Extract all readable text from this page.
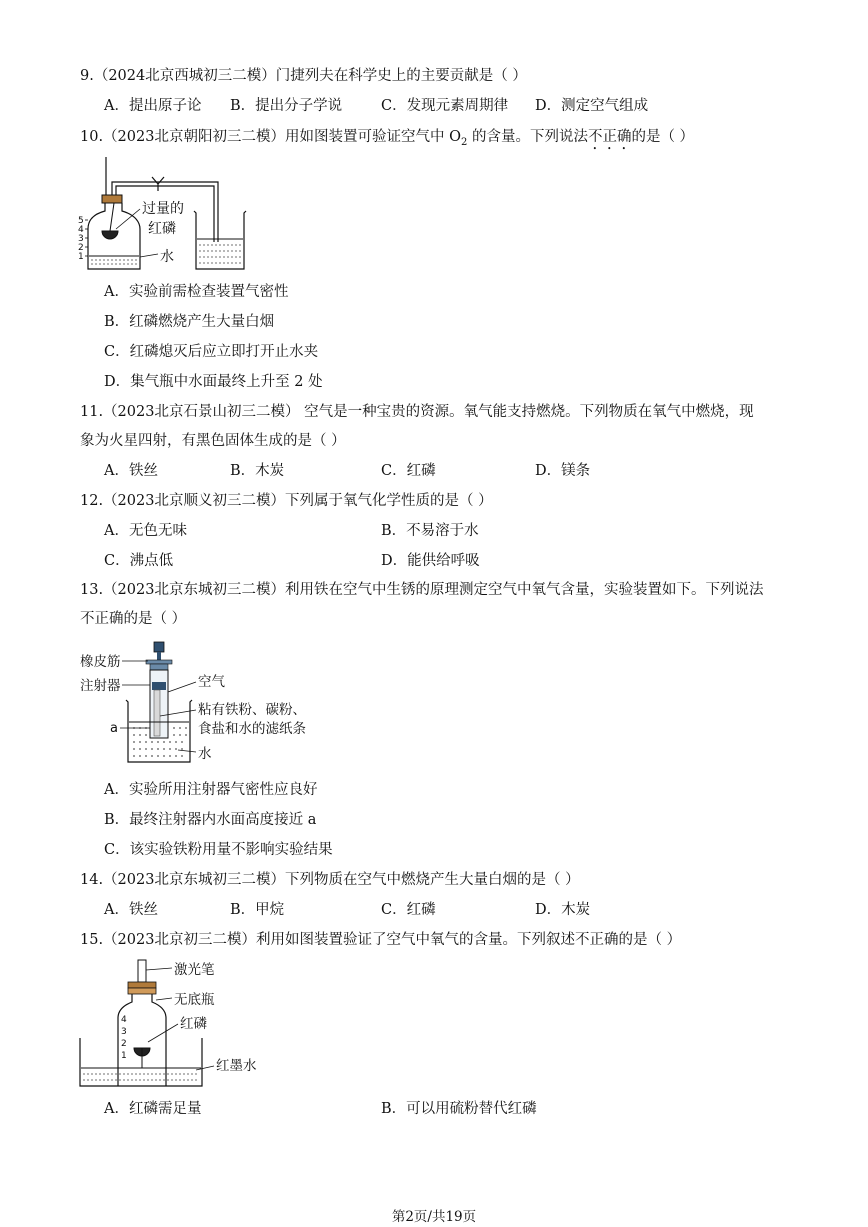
9.（2024北京西城初三二模）门捷列夫在科学史上的主要贡献是（ ）
A．提出原子论 B．提出分子学说	C．发现元素周期律 D．测定空气组成
10.（2023北京朝阳初三二模）用如图装置可验证空气中 $O_2$ 的含量。下列说法不正确的是（ ）
5
4
3
2
1
过量的
红磷
水
A．实验前需检查装置气密性
B．红磷燃烧产生大量白烟
C．红磷熄灭后应立即打开止水夹
D．集气瓶中水面最终上升至 2 处
11.（2023北京石景山初三二模） 空气是一种宝贵的资源。氧气能支持燃烧。下列物质在氧气中燃烧，现
象为火星四射，有黑色固体生成的是（ ）
A．铁丝	B．木炭	C．红磷	D．镁条
12.（2023北京顺义初三二模）下列属于氧气化学性质的是（ ）
A．无色无味	B．不易溶于水
C．沸点低	D．能供给呼吸
13.（2023北京东城初三二模）利用铁在空气中生锈的原理测定空气中氧气含量，实验装置如下。下列说法
不正确的是（ ）
橡皮筋
注射器	空气
粘有铁粉、碳粉、
食盐和水的滤纸条
a
水
A．实验所用注射器气密性应良好
B．最终注射器内水面高度接近 a
C．该实验铁粉用量不影响实验结果
14.（2023北京东城初三二模）下列物质在空气中燃烧产生大量白烟的是（ ）
A．铁丝	B．甲烷	C．红磷	D．木炭
15.（2023北京初三二模）利用如图装置验证了空气中氧气的含量。下列叙述不正确的是（ ）
4
3
2
1
激光笔
无底瓶
红磷
红墨水
A．红磷需足量	B．可以用硫粉替代红磷
第2页/共19页
